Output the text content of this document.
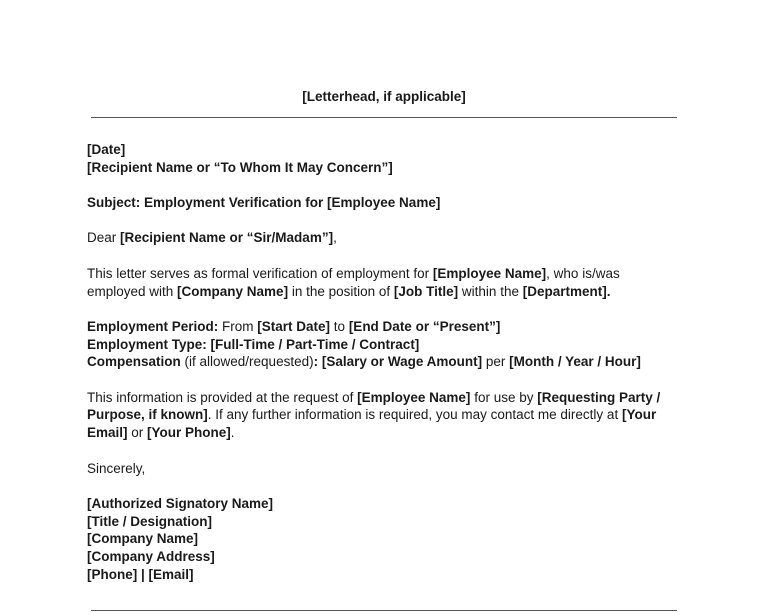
[Letterhead, if applicable]

[Date]

[Recipient Name or “To Whom It May Concern”]

Subject: Employment Verification for [Employee Name]

Dear [Recipient Name or “Sir/Madam”],

This letter serves as formal verification of employment for [Employee Name], who is/was employed with [Company Name] in the position of [Job Title] within the [Department].

Employment Period: From [Start Date] to [End Date or “Present”]

Employment Type: [Full-Time / Part-Time / Contract]

Compensation (if allowed/requested): [Salary or Wage Amount] per [Month / Year / Hour]

This information is provided at the request of [Employee Name] for use by [Requesting Party / Purpose, if known]. If any further information is required, you may contact me directly at [Your Email] or [Your Phone].

Sincerely,

[Authorized Signatory Name]

[Title / Designation]

[Company Name]

[Company Address]

[Phone] | [Email]
